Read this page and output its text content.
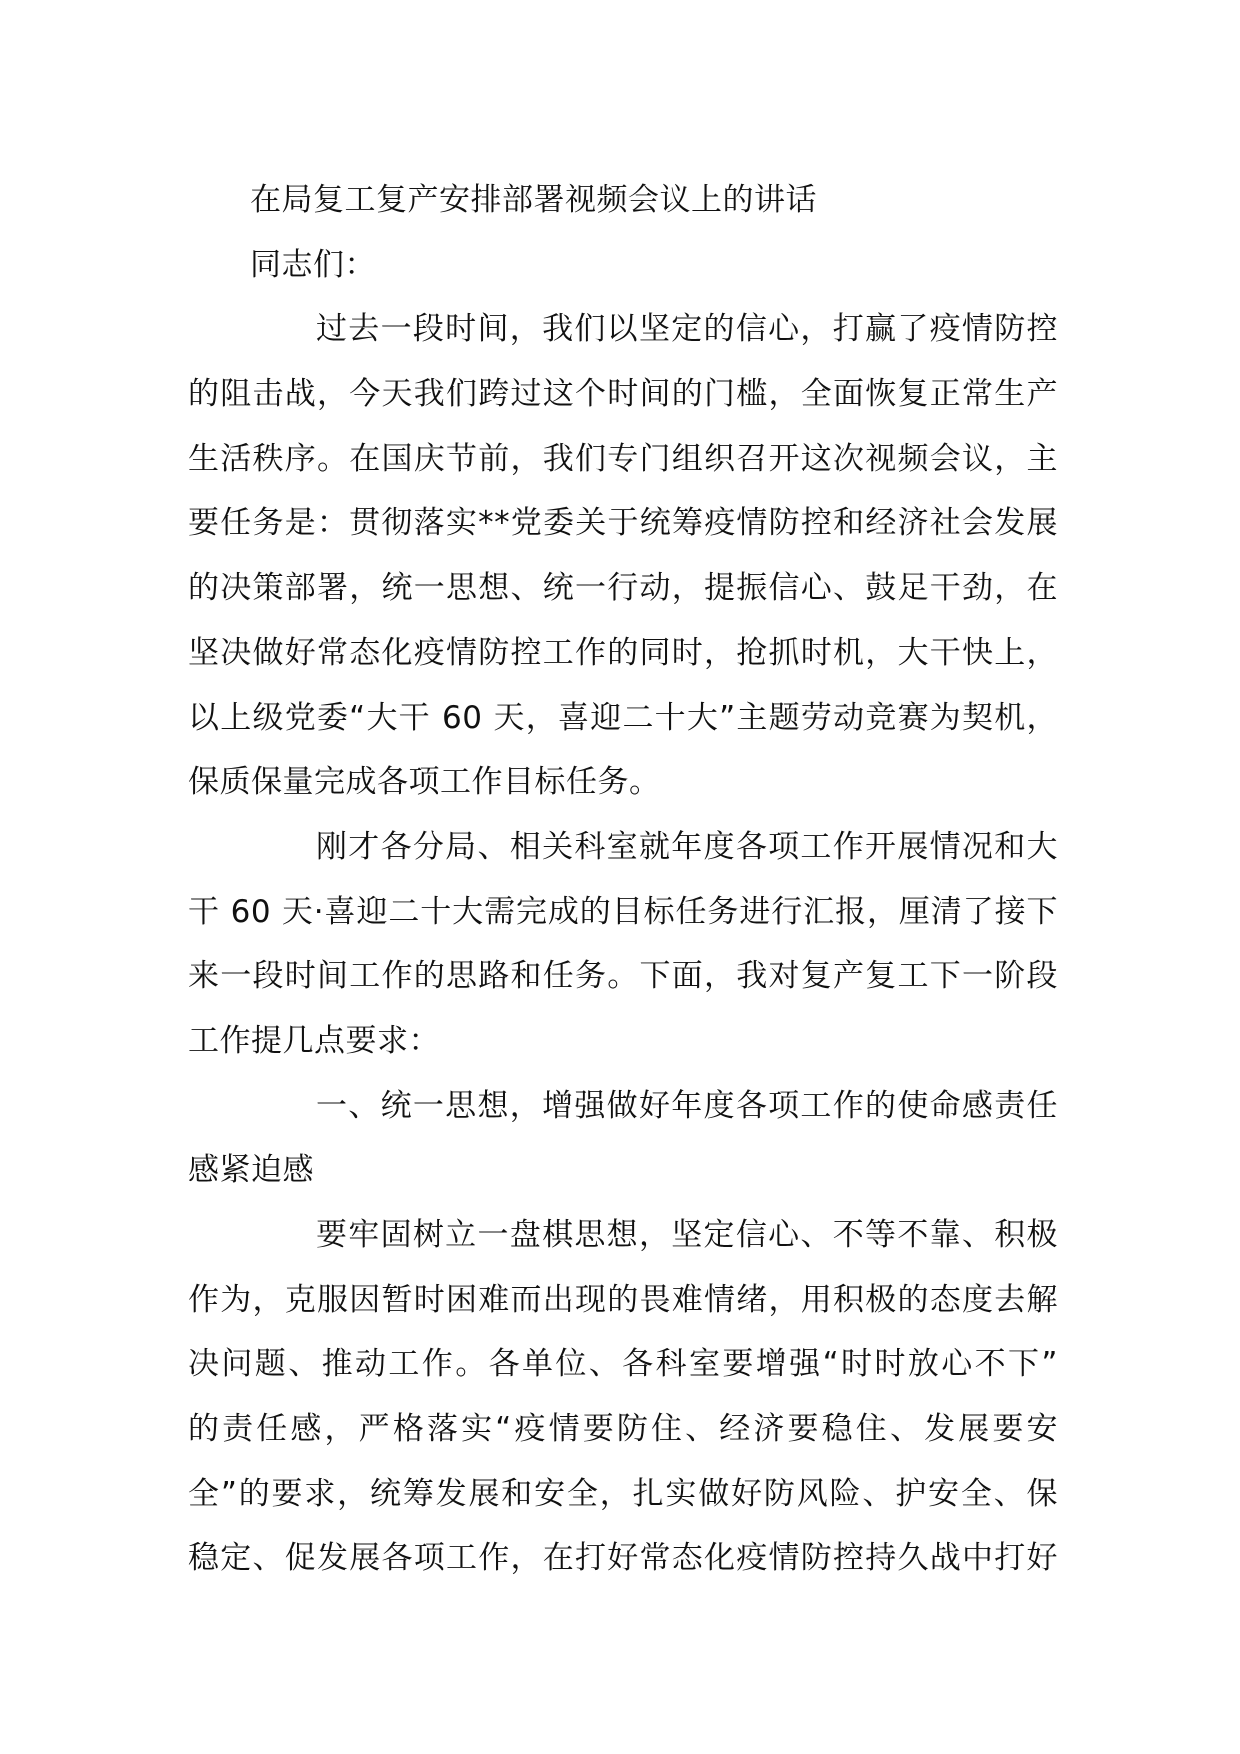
在局复工复产安排部署视频会议上的讲话
同志们：
过去一段时间，我们以坚定的信心，打赢了疫情防控
的阻击战，今天我们跨过这个时间的门槛，全面恢复正常生产
生活秩序。在国庆节前，我们专门组织召开这次视频会议，主
要任务是：贯彻落实**党委关于统筹疫情防控和经济社会发展
的决策部署，统一思想、统一行动，提振信心、鼓足干劲，在
坚决做好常态化疫情防控工作的同时，抢抓时机，大干快上，
以上级党委“大干 60 天，喜迎二十大”主题劳动竞赛为契机，
保质保量完成各项工作目标任务。
刚才各分局、相关科室就年度各项工作开展情况和大
干 60 天·喜迎二十大需完成的目标任务进行汇报，厘清了接下
来一段时间工作的思路和任务。下面，我对复产复工下一阶段
工作提几点要求：
一、统一思想，增强做好年度各项工作的使命感责任
感紧迫感
要牢固树立一盘棋思想，坚定信心、不等不靠、积极
作为，克服因暂时困难而出现的畏难情绪，用积极的态度去解
决问题、推动工作。各单位、各科室要增强“时时放心不下”
的责任感，严格落实“疫情要防住、经济要稳住、发展要安
全”的要求，统筹发展和安全，扎实做好防风险、护安全、保
稳定、促发展各项工作，在打好常态化疫情防控持久战中打好
